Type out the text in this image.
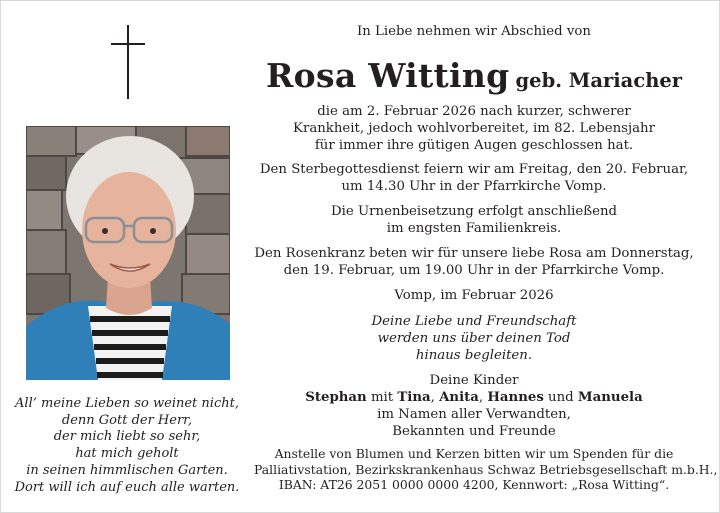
All’ meine Lieben so weinet nicht,
denn Gott der Herr,
der mich liebt so sehr,
hat mich geholt
in seinen himmlischen Garten.
Dort will ich auf euch alle warten.
In Liebe nehmen wir Abschied von
Rosa Witting geb. Mariacher
die am 2. Februar 2026 nach kurzer, schwerer
Krankheit, jedoch wohlvorbereitet, im 82. Lebensjahr
für immer ihre gütigen Augen geschlossen hat.
Den Sterbegottesdienst feiern wir am Freitag, den 20. Februar,
um 14.30 Uhr in der Pfarrkirche Vomp.
Die Urnenbeisetzung erfolgt anschließend
im engsten Familienkreis.
Den Rosenkranz beten wir für unsere liebe Rosa am Donnerstag,
den 19. Februar, um 19.00 Uhr in der Pfarrkirche Vomp.
Vomp, im Februar 2026
Deine Liebe und Freundschaft
werden uns über deinen Tod
hinaus begleiten.
Deine Kinder
Stephan mit Tina, Anita, Hannes und Manuela
im Namen aller Verwandten,
Bekannten und Freunde
Anstelle von Blumen und Kerzen bitten wir um Spenden für die
Palliativstation, Bezirkskrankenhaus Schwaz Betriebsgesellschaft m.b.H.,
IBAN: AT26 2051 0000 0000 4200, Kennwort: „Rosa Witting“.
